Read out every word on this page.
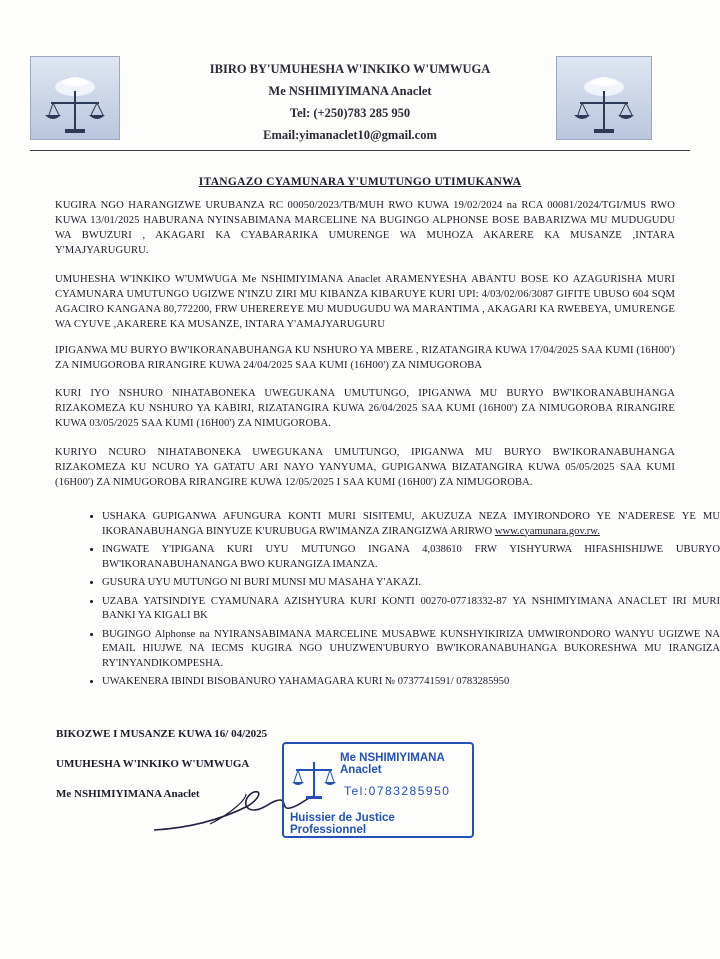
IBIRO BY'UMUHESHA W'INKIKO W'UMWUGA
Me NSHIMIYIMANA Anaclet
Tel: (+250)783 285 950
Email:yimanaclet10@gmail.com
ITANGAZO CYAMUNARA Y'UMUTUNGO UTIMUKANWA
KUGIRA NGO HARANGIZWE URUBANZA RC 00050/2023/TB/MUH RWO KUWA 19/02/2024 na RCA 00081/2024/TGI/MUS RWO KUWA 13/01/2025 HABURANA NYINSABIMANA MARCELINE NA BUGINGO ALPHONSE BOSE BABARIZWA MU MUDUGUDU WA BWUZURI , AKAGARI KA CYABARARIKA UMURENGE WA MUHOZA AKARERE KA MUSANZE ,INTARA Y'MAJYARUGURU.
UMUHESHA W'INKIKO W'UMWUGA Me NSHIMIYIMANA Anaclet ARAMENYESHA ABANTU BOSE KO AZAGURISHA MURI CYAMUNARA UMUTUNGO UGIZWE N'INZU ZIRI MU KIBANZA KIBARUYE KURI UPI: 4/03/02/06/3087 GIFITE UBUSO 604 SQM AGACIRO KANGANA 80,772200, FRW UHEREREYE MU MUDUGUDU WA MARANTIMA , AKAGARI KA RWEBEYA, UMURENGE WA CYUVE ,AKARERE KA MUSANZE, INTARA Y'AMAJYARUGURU
IPIGANWA MU BURYO BW'IKORANABUHANGA KU NSHURO YA MBERE , RIZATANGIRA KUWA 17/04/2025 SAA KUMI (16H00') ZA NIMUGOROBA RIRANGIRE KUWA 24/04/2025 SAA KUMI (16H00') ZA NIMUGOROBA
KURI IYO NSHURO NIHATABONEKA UWEGUKANA UMUTUNGO, IPIGANWA MU BURYO BW'IKORANABUHANGA RIZAKOMEZA KU NSHURO YA KABIRI, RIZATANGIRA KUWA 26/04/2025 SAA KUMI (16H00') ZA NIMUGOROBA RIRANGIRE KUWA 03/05/2025 SAA KUMI (16H00') ZA NIMUGOROBA.
KURIYO NCURO NIHATABONEKA UWEGUKANA UMUTUNGO, IPIGANWA MU BURYO BW'IKORANABUHANGA RIZAKOMEZA KU NCURO YA GATATU ARI NAYO YANYUMA, GUPIGANWA BIZATANGIRA KUWA 05/05/2025 SAA KUMI (16H00') ZA NIMUGOROBA RIRANGIRE KUWA 12/05/2025 I SAA KUMI (16H00') ZA NIMUGOROBA.
• USHAKA GUPIGANWA AFUNGURA KONTI MURI SISITEMU, AKUZUZA NEZA IMYIRONDORO YE N'ADERESE YE MU IKORANABUHANGA BINYUZE K'URUBUGA RW'IMANZA ZIRANGIZWA ARIRWO www.cyamunara.gov.rw.
• INGWATE Y'IPIGANA KURI UYU MUTUNGO INGANA 4,038610 FRW YISHYURWA HIFASHISHIJWE UBURYO BW'IKORANABUHANANGA BWO KURANGIZA IMANZA.
• GUSURA UYU MUTUNGO NI BURI MUNSI MU MASAHA Y'AKAZI.
• UZABA YATSINDIYE CYAMUNARA AZISHYURA KURI KONTI 00270-07718332-87 YA NSHIMIYIMANA ANACLET IRI MURI BANKI YA KIGALI BK
• BUGINGO Alphonse na NYIRANSABIMANA MARCELINE MUSABWE KUNSHYIKIRIZA UMWIRONDORO WANYU UGIZWE NA EMAIL HIUJWE NA IECMS KUGIRA NGO UHUZWEN'UBURYO BW'IKORANABUHANGA BUKORESHWA MU IRANGIZA RY'INYANDIKOMPESHA.
• UWAKENERA IBINDI BISOBANURO YAHAMAGARA KURI № 0737741591/ 0783285950
BIKOZWE I MUSANZE KUWA 16/ 04/2025
UMUHESHA W'INKIKO W'UMWUGA
Me NSHIMIYIMANA Anaclet
Me NSHIMIYIMANA Anaclet
Tel:0783285950
Huissier de Justice Professionnel
